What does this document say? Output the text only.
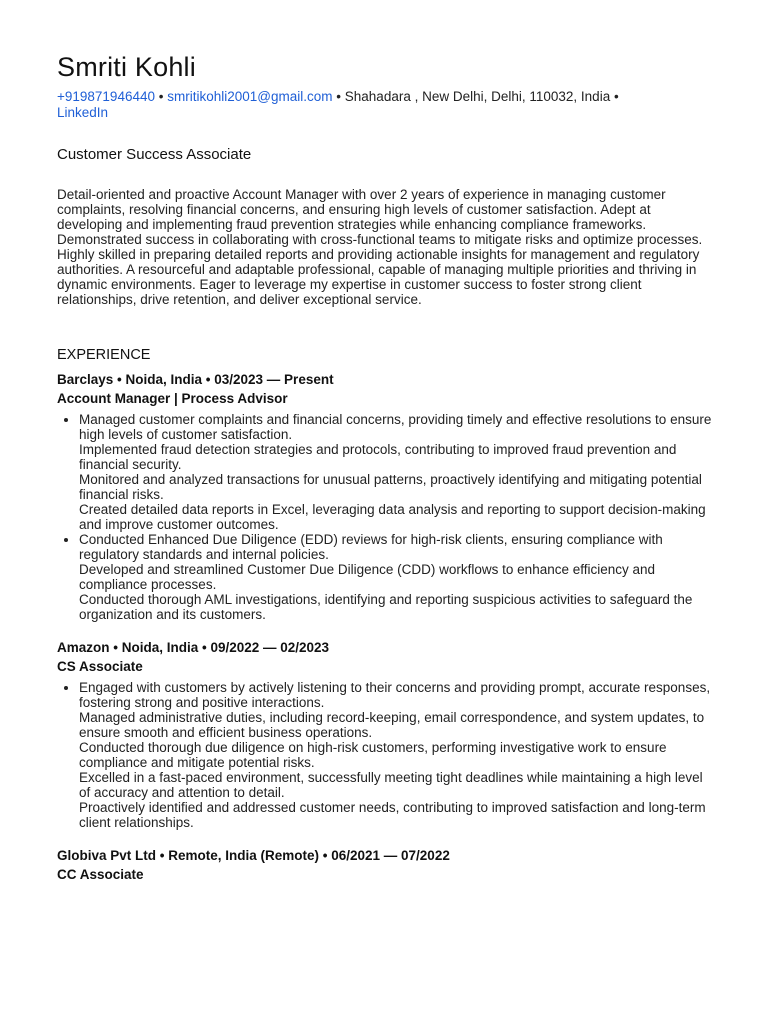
Smriti Kohli
+919871946440 • smritikohli2001@gmail.com • Shahadara , New Delhi, Delhi, 110032, India •
LinkedIn
Customer Success Associate

Detail-oriented and proactive Account Manager with over 2 years of experience in managing customer complaints, resolving financial concerns, and ensuring high levels of customer satisfaction. Adept at developing and implementing fraud prevention strategies while enhancing compliance frameworks. Demonstrated success in collaborating with cross-functional teams to mitigate risks and optimize processes. Highly skilled in preparing detailed reports and providing actionable insights for management and regulatory authorities. A resourceful and adaptable professional, capable of managing multiple priorities and thriving in dynamic environments. Eager to leverage my expertise in customer success to foster strong client relationships, drive retention, and deliver exceptional service.

EXPERIENCE
Barclays • Noida, India • 03/2023 — Present
Account Manager | Process Advisor
• Managed customer complaints and financial concerns, providing timely and effective resolutions to ensure high levels of customer satisfaction.
Implemented fraud detection strategies and protocols, contributing to improved fraud prevention and financial security.
Monitored and analyzed transactions for unusual patterns, proactively identifying and mitigating potential financial risks.
Created detailed data reports in Excel, leveraging data analysis and reporting to support decision-making and improve customer outcomes.
• Conducted Enhanced Due Diligence (EDD) reviews for high-risk clients, ensuring compliance with regulatory standards and internal policies.
Developed and streamlined Customer Due Diligence (CDD) workflows to enhance efficiency and compliance processes.
Conducted thorough AML investigations, identifying and reporting suspicious activities to safeguard the organization and its customers.
Amazon • Noida, India • 09/2022 — 02/2023
CS Associate
• Engaged with customers by actively listening to their concerns and providing prompt, accurate responses, fostering strong and positive interactions.
Managed administrative duties, including record-keeping, email correspondence, and system updates, to ensure smooth and efficient business operations.
Conducted thorough due diligence on high-risk customers, performing investigative work to ensure compliance and mitigate potential risks.
Excelled in a fast-paced environment, successfully meeting tight deadlines while maintaining a high level of accuracy and attention to detail.
Proactively identified and addressed customer needs, contributing to improved satisfaction and long-term client relationships.
Globiva Pvt Ltd • Remote, India (Remote) • 06/2021 — 07/2022
CC Associate
